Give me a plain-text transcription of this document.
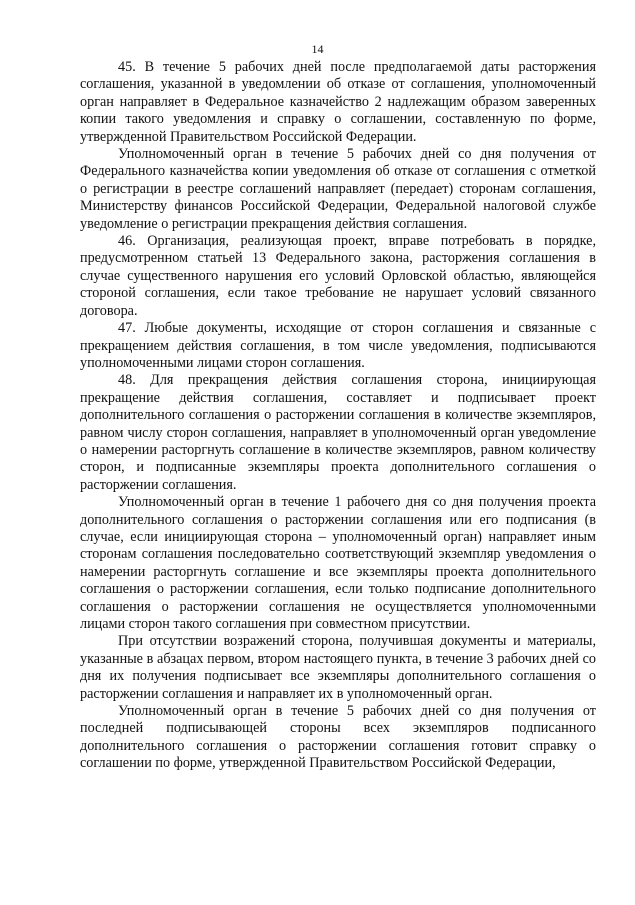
14

45. В течение 5 рабочих дней после предполагаемой даты расторжения соглашения, указанной в уведомлении об отказе от соглашения, уполномоченный орган направляет в Федеральное казначейство 2 надлежащим образом заверенных копии такого уведомления и справку о соглашении, составленную по форме, утвержденной Правительством Российской Федерации.

Уполномоченный орган в течение 5 рабочих дней со дня получения от Федерального казначейства копии уведомления об отказе от соглашения с отметкой о регистрации в реестре соглашений направляет (передает) сторонам соглашения, Министерству финансов Российской Федерации, Федеральной налоговой службе уведомление о регистрации прекращения действия соглашения.

46. Организация, реализующая проект, вправе потребовать в порядке, предусмотренном статьей 13 Федерального закона, расторжения соглашения в случае существенного нарушения его условий Орловской областью, являющейся стороной соглашения, если такое требование не нарушает условий связанного договора.

47. Любые документы, исходящие от сторон соглашения и связанные с прекращением действия соглашения, в том числе уведомления, подписываются уполномоченными лицами сторон соглашения.

48. Для прекращения действия соглашения сторона, инициирующая прекращение действия соглашения, составляет и подписывает проект дополнительного соглашения о расторжении соглашения в количестве экземпляров, равном числу сторон соглашения, направляет в уполномоченный орган уведомление о намерении расторгнуть соглашение в количестве экземпляров, равном количеству сторон, и подписанные экземпляры проекта дополнительного соглашения о расторжении соглашения.

Уполномоченный орган в течение 1 рабочего дня со дня получения проекта дополнительного соглашения о расторжении соглашения или его подписания (в случае, если инициирующая сторона – уполномоченный орган) направляет иным сторонам соглашения последовательно соответствующий экземпляр уведомления о намерении расторгнуть соглашение и все экземпляры проекта дополнительного соглашения о расторжении соглашения, если только подписание дополнительного соглашения о расторжении соглашения не осуществляется уполномоченными лицами сторон такого соглашения при совместном присутствии.

При отсутствии возражений сторона, получившая документы и материалы, указанные в абзацах первом, втором настоящего пункта, в течение 3 рабочих дней со дня их получения подписывает все экземпляры дополнительного соглашения о расторжении соглашения и направляет их в уполномоченный орган.

Уполномоченный орган в течение 5 рабочих дней со дня получения от последней подписывающей стороны всех экземпляров подписанного дополнительного соглашения о расторжении соглашения готовит справку о соглашении по форме, утвержденной Правительством Российской Федерации,
